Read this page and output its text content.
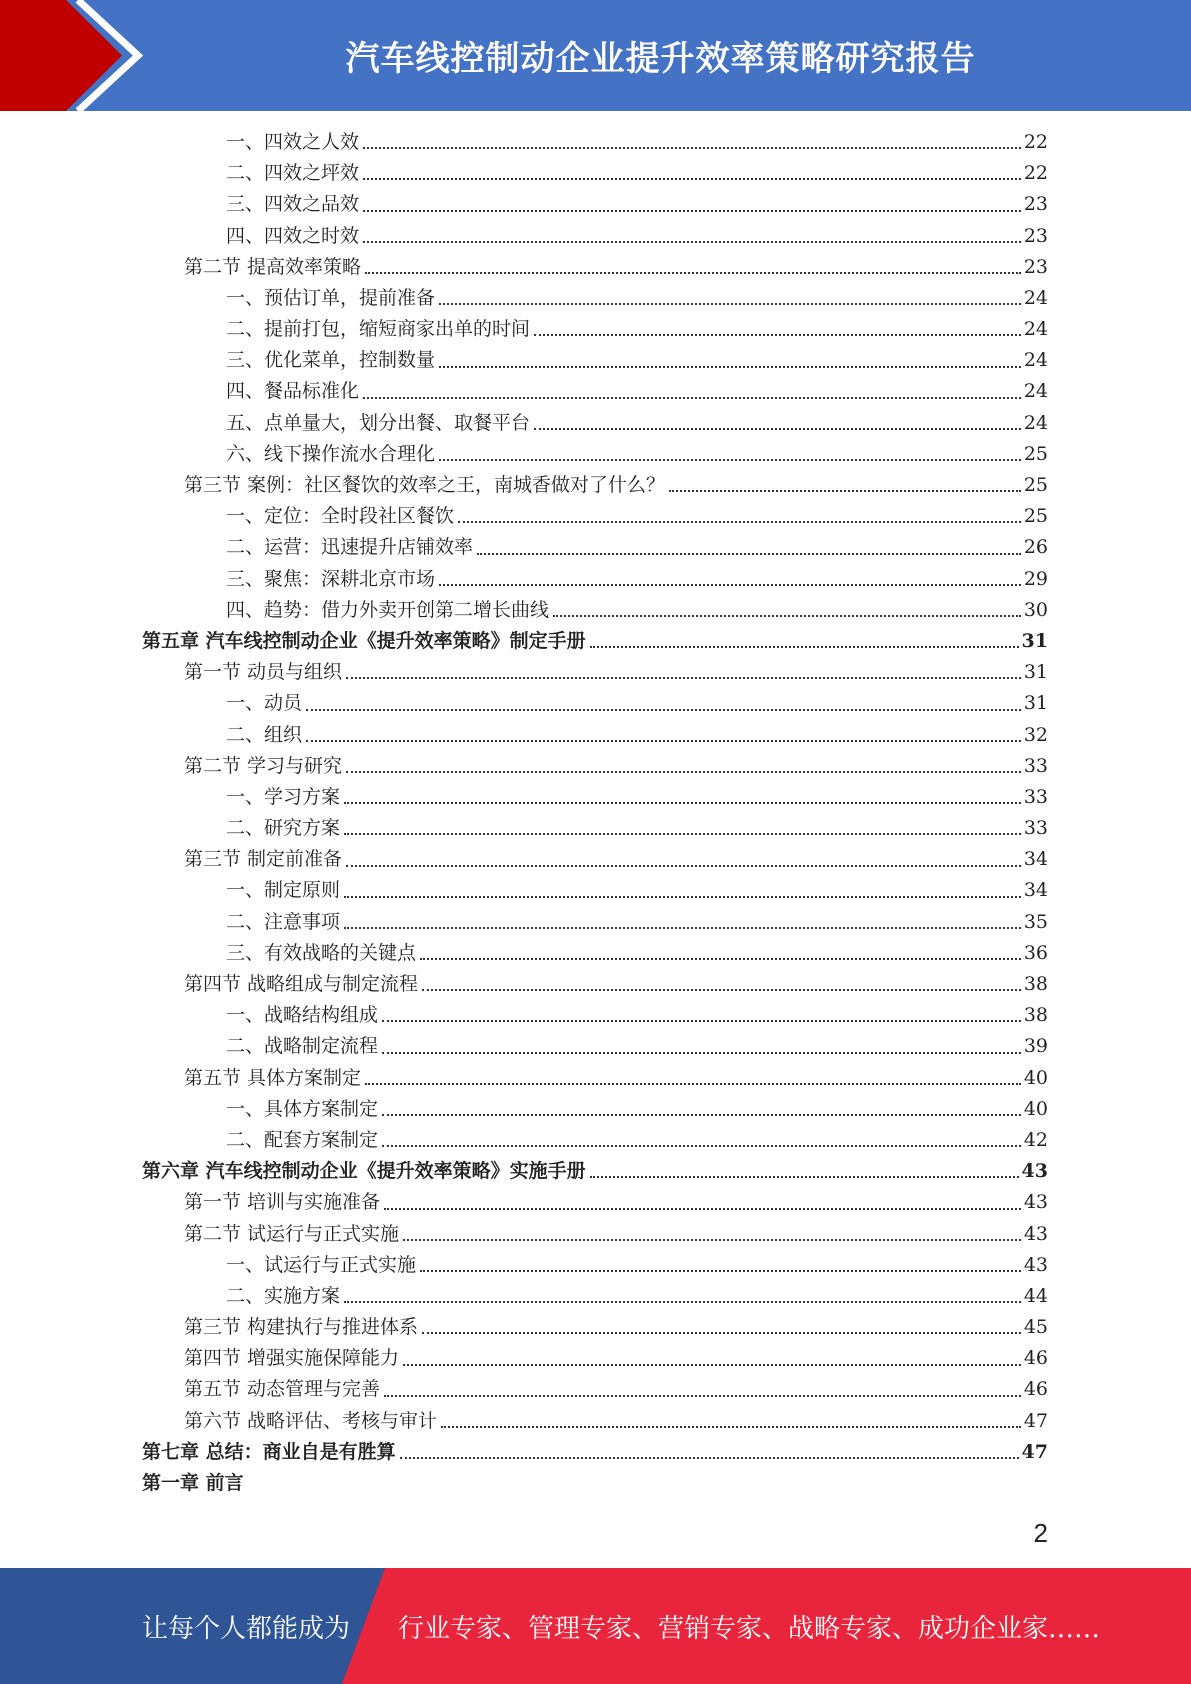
汽车线控制动企业提升效率策略研究报告
一、四效之人效	22
二、四效之坪效	22
三、四效之品效	23
四、四效之时效	23
第二节 提高效率策略	23
一、预估订单，提前准备	24
二、提前打包，缩短商家出单的时间	24
三、优化菜单，控制数量	24
四、餐品标准化	24
五、点单量大，划分出餐、取餐平台	24
六、线下操作流水合理化	25
第三节 案例：社区餐饮的效率之王，南城香做对了什么？	25
一、定位：全时段社区餐饮	25
二、运营：迅速提升店铺效率	26
三、聚焦：深耕北京市场	29
四、趋势：借力外卖开创第二增长曲线	30
第五章 汽车线控制动企业《提升效率策略》制定手册	31
第一节 动员与组织	31
一、动员	31
二、组织	32
第二节 学习与研究	33
一、学习方案	33
二、研究方案	33
第三节 制定前准备	34
一、制定原则	34
二、注意事项	35
三、有效战略的关键点	36
第四节 战略组成与制定流程	38
一、战略结构组成	38
二、战略制定流程	39
第五节 具体方案制定	40
一、具体方案制定	40
二、配套方案制定	42
第六章 汽车线控制动企业《提升效率策略》实施手册	43
第一节 培训与实施准备	43
第二节 试运行与正式实施	43
一、试运行与正式实施	43
二、实施方案	44
第三节 构建执行与推进体系	45
第四节 增强实施保障能力	46
第五节 动态管理与完善	46
第六节 战略评估、考核与审计	47
第七章 总结：商业自是有胜算	47
第一章 前言
2
让每个人都能成为 行业专家、管理专家、营销专家、战略专家、成功企业家……
